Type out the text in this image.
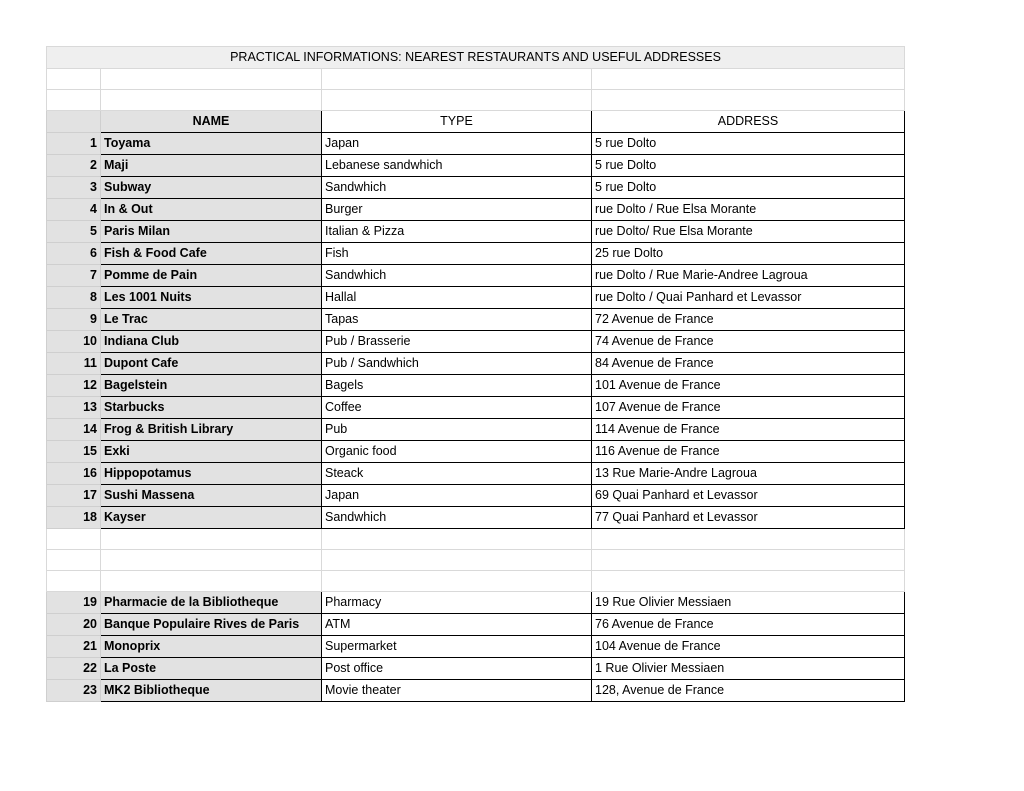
PRACTICAL INFORMATIONS: NEAREST RESTAURANTS AND USEFUL ADDRESSES			

	NAME	TYPE	ADDRESS
1	Toyama	Japan	5 rue Dolto
2	Maji	Lebanese sandwhich	5 rue Dolto
3	Subway	Sandwhich	5 rue Dolto
4	In & Out	Burger	rue Dolto / Rue Elsa Morante
5	Paris Milan	Italian & Pizza	rue Dolto/ Rue Elsa Morante
6	Fish & Food Cafe	Fish	25 rue Dolto
7	Pomme de Pain	Sandwhich	rue Dolto / Rue Marie-Andree Lagroua
8	Les 1001 Nuits	Hallal	rue Dolto / Quai Panhard et Levassor
9	Le Trac	Tapas	72 Avenue de France
10	Indiana Club	Pub / Brasserie	74 Avenue de France
11	Dupont Cafe	Pub / Sandwhich	84 Avenue de France
12	Bagelstein	Bagels	101 Avenue de France
13	Starbucks	Coffee	107 Avenue de France
14	Frog & British Library	Pub	114 Avenue de France
15	Exki	Organic food	116 Avenue de France
16	Hippopotamus	Steack	13 Rue Marie-Andre Lagroua
17	Sushi Massena	Japan	69 Quai Panhard et Levassor
18	Kayser	Sandwhich	77 Quai Panhard et Levassor

19	Pharmacie de la Bibliotheque	Pharmacy	19 Rue Olivier Messiaen
20	Banque Populaire Rives de Paris	ATM	76 Avenue de France
21	Monoprix	Supermarket	104 Avenue de France
22	La Poste	Post office	1 Rue Olivier Messiaen
23	MK2 Bibliotheque	Movie theater	128, Avenue de France
